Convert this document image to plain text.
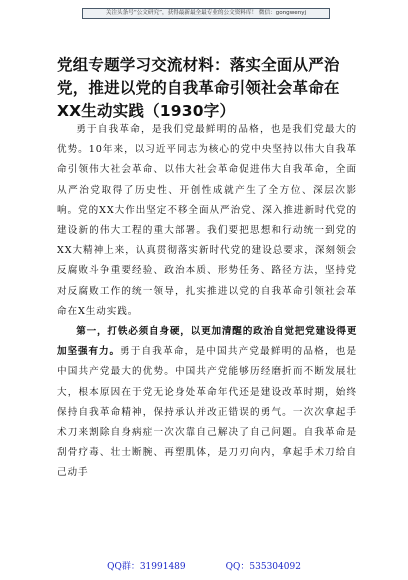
关注头条号“公文研究”，获得最新最全最专业的公文资料库！ 微信：gongwenyj
党组专题学习交流材料：落实全面从严治党，推进以党的自我革命引领社会革命在XX生动实践（1930字）

勇于自我革命，是我们党最鲜明的品格，也是我们党最大的优势。10年来，以习近平同志为核心的党中央坚持以伟大自我革命引领伟大社会革命、以伟大社会革命促进伟大自我革命，全面从严治党取得了历史性、开创性成就产生了全方位、深层次影响。党的XX大作出坚定不移全面从严治党、深入推进新时代党的建设新的伟大工程的重大部署。我们要把思想和行动统一到党的XX大精神上来，认真贯彻落实新时代党的建设总要求，深刻领会反腐败斗争重要经验、政治本质、形势任务、路径方法，坚持党对反腐败工作的统一领导，扎实推进以党的自我革命引领社会革命在X生动实践。

第一，打铁必须自身硬，以更加清醒的政治自觉把党建设得更加坚强有力。勇于自我革命，是中国共产党最鲜明的品格，也是中国共产党最大的优势。中国共产党能够历经磨折而不断发展壮大，根本原因在于党无论身处革命年代还是建设改革时期，始终保持自我革命精神，保持承认并改正错误的勇气。一次次拿起手术刀来割除自身病症一次次靠自己解决了自己问题。自我革命是刮骨疗毒、壮士断腕、再塑肌体，是刀刃向内，拿起手术刀给自己动手

QQ群：31991489	QQ：535304092
